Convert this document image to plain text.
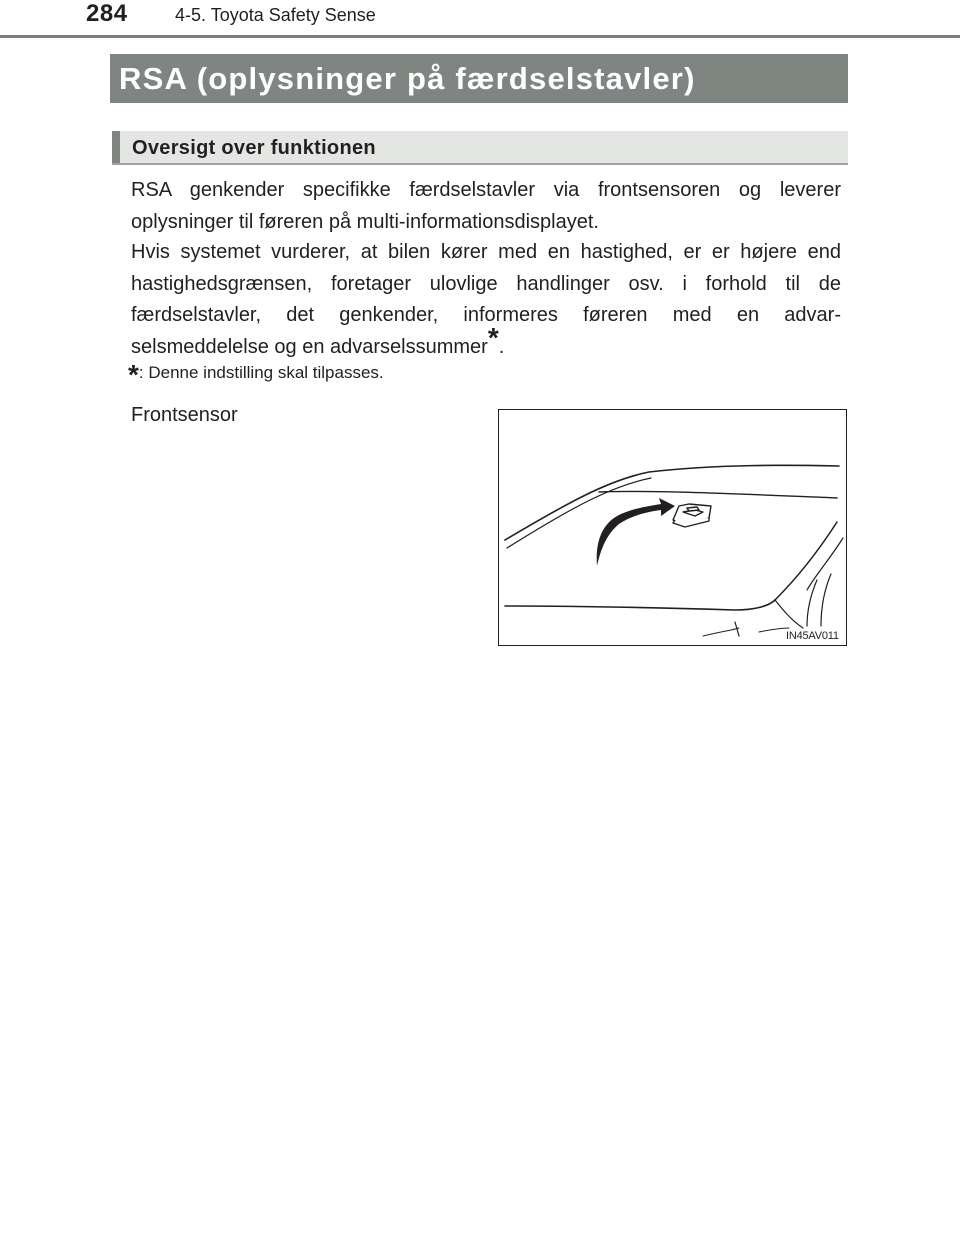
284	4-5. Toyota Safety Sense
RSA (oplysninger på færdselstavler)
Oversigt over funktionen
RSA genkender specifikke færdselstavler via frontsensoren og leverer oplysninger til føreren på multi-informationsdisplayet.
Hvis systemet vurderer, at bilen kører med en hastighed, er er højere end hastighedsgrænsen, foretager ulovlige handlinger osv. i forhold til de færdselstavler, det genkender, informeres føreren med en advar-selsmeddelelse og en advarselssummer*.
*: Denne indstilling skal tilpasses.
Frontsensor
IN45AV011
